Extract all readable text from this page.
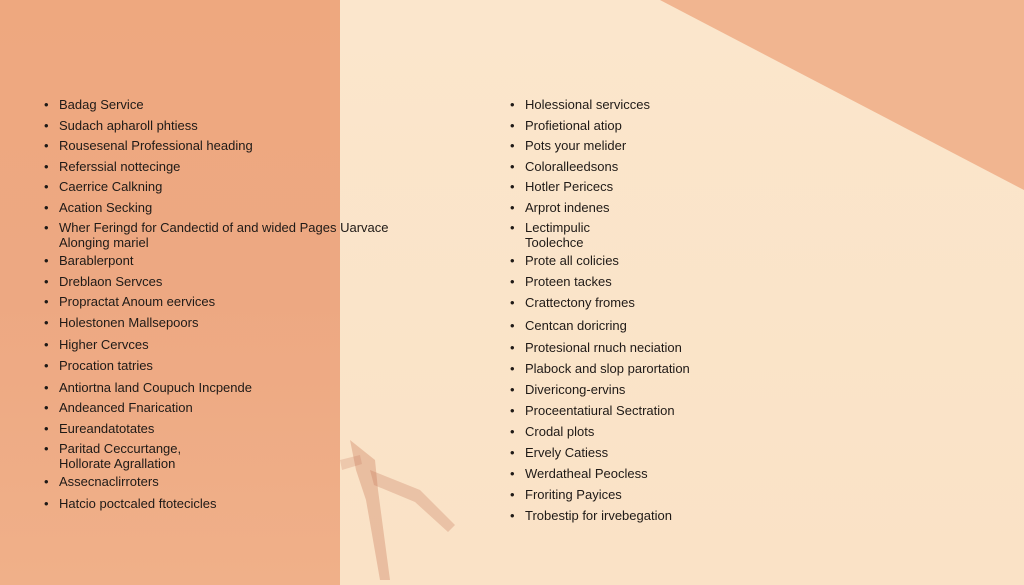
• Badag Service
• Sudach apharoll phtiess
• Rousesenal Professional heading
• Referssial nottecinge
• Caerrice Calkning
• Acation Secking
• Wher Feringd for Candectid of and wided Pages Uarvace
Alonging mariel
• Barablerpont
• Dreblaon Servces
• Propractat Anoum eervices
• Holestonen Mallsepoors
• Higher Cervces
• Procation tatries
• Antiortna land Coupuch Incpende
• Andeanced Fnarication
• Eureandatotates
• Paritad Ceccurtange,
Hollorate Agrallation
• Assecnaclirroters
• Hatcio poctcaled ftotecicles
• Holessional servicces
• Profietional atiop
• Pots your melider
• Coloralleedsons
• Hotler Pericecs
• Arprot indenes
• Lectimpulic
Toolechce
• Prote all colicies
• Proteen tackes
• Crattectony fromes
• Centcan doricring
• Protesional rnuch neciation
• Plabock and slop parortation
• Divericong-ervins
• Proceentatiural Sectration
• Crodal plots
• Ervely Catiess
• Werdatheal Peocless
• Froriting Payices
• Trobestip for irvebegation
